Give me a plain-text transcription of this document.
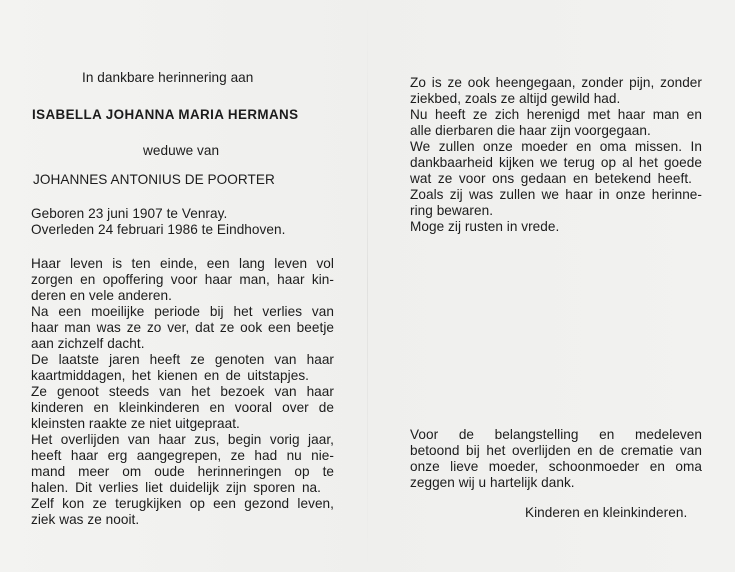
In dankbare herinnering aan
ISABELLA JOHANNA MARIA HERMANS
weduwe van
JOHANNES ANTONIUS DE POORTER
Geboren 23 juni 1907 te Venray.
Overleden 24 februari 1986 te Eindhoven.
Haar leven is ten einde, een lang leven vol
zorgen en opoffering voor haar man, haar kin-
deren en vele anderen.
Na een moeilijke periode bij het verlies van
haar man was ze zo ver, dat ze ook een beetje
aan zichzelf dacht.
De laatste jaren heeft ze genoten van haar
kaartmiddagen, het kienen en de uitstapjes.
Ze genoot steeds van het bezoek van haar
kinderen en kleinkinderen en vooral over de
kleinsten raakte ze niet uitgepraat.
Het overlijden van haar zus, begin vorig jaar,
heeft haar erg aangegrepen, ze had nu nie-
mand meer om oude herinneringen op te
halen. Dit verlies liet duidelijk zijn sporen na.
Zelf kon ze terugkijken op een gezond leven,
ziek was ze nooit.
Zo is ze ook heengegaan, zonder pijn, zonder
ziekbed, zoals ze altijd gewild had.
Nu heeft ze zich herenigd met haar man en
alle dierbaren die haar zijn voorgegaan.
We zullen onze moeder en oma missen. In
dankbaarheid kijken we terug op al het goede
wat ze voor ons gedaan en betekend heeft.
Zoals zij was zullen we haar in onze herinne-
ring bewaren.
Moge zij rusten in vrede.
Voor de belangstelling en medeleven
betoond bij het overlijden en de crematie van
onze lieve moeder, schoonmoeder en oma
zeggen wij u hartelijk dank.
Kinderen en kleinkinderen.
